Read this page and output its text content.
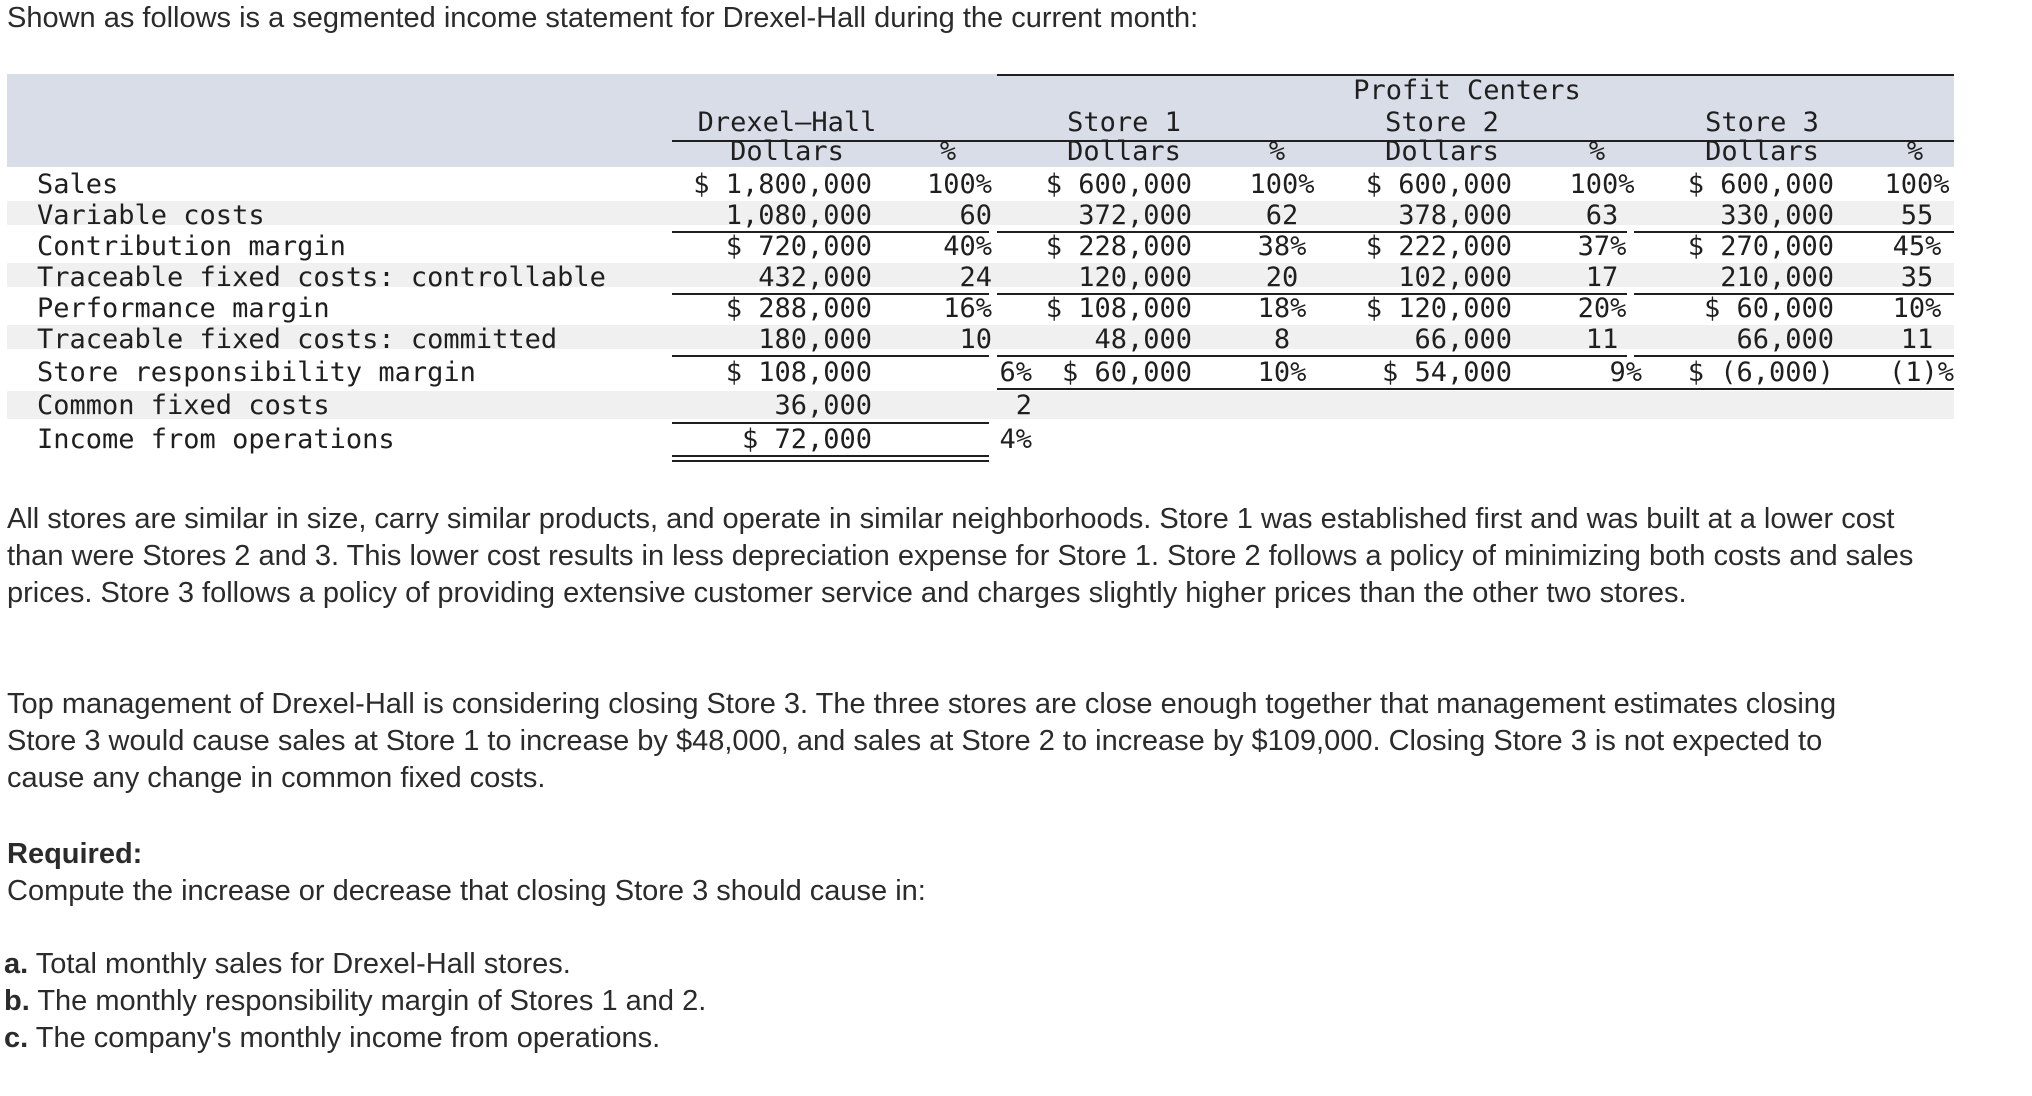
Shown as follows is a segmented income statement for Drexel-Hall during the current month:
Profit Centers
Drexel–Hall	Store 1	Store 2	Store 3
Dollars	%	Dollars	%	Dollars	%	Dollars	%
Sales	$ 1,800,000	100%	$ 600,000 100%	$ 600,000 100%	$ 600,000 100%
Variable costs	1,080,000	60	372,000	62	378,000	63	330,000	55
Contribution margin	$ 720,000	40%	$ 228,000	38%	$ 222,000	37%	$ 270,000	45%
Traceable fixed costs: controllable	432,000	24	120,000	20	102,000	17	210,000	35
Performance margin	$ 288,000	16%	$ 108,000	18%	$ 120,000	20%	$ 60,000	10%
Traceable fixed costs: committed	180,000	10	48,000	8	66,000	11	66,000	11
Store responsibility margin	$ 108,000	6%	$ 60,000	10%	$ 54,000	9%	$ (6,000)	(1)%
Common fixed costs	36,000	2
Income from operations	$ 72,000	4%

All stores are similar in size, carry similar products, and operate in similar neighborhoods. Store 1 was established first and was built at a lower cost than were Stores 2 and 3. This lower cost results in less depreciation expense for Store 1. Store 2 follows a policy of minimizing both costs and sales prices. Store 3 follows a policy of providing extensive customer service and charges slightly higher prices than the other two stores.

Top management of Drexel-Hall is considering closing Store 3. The three stores are close enough together that management estimates closing Store 3 would cause sales at Store 1 to increase by $48,000, and sales at Store 2 to increase by $109,000. Closing Store 3 is not expected to cause any change in common fixed costs.

Required:
Compute the increase or decrease that closing Store 3 should cause in:
a. Total monthly sales for Drexel-Hall stores.
b. The monthly responsibility margin of Stores 1 and 2.
c. The company's monthly income from operations.
